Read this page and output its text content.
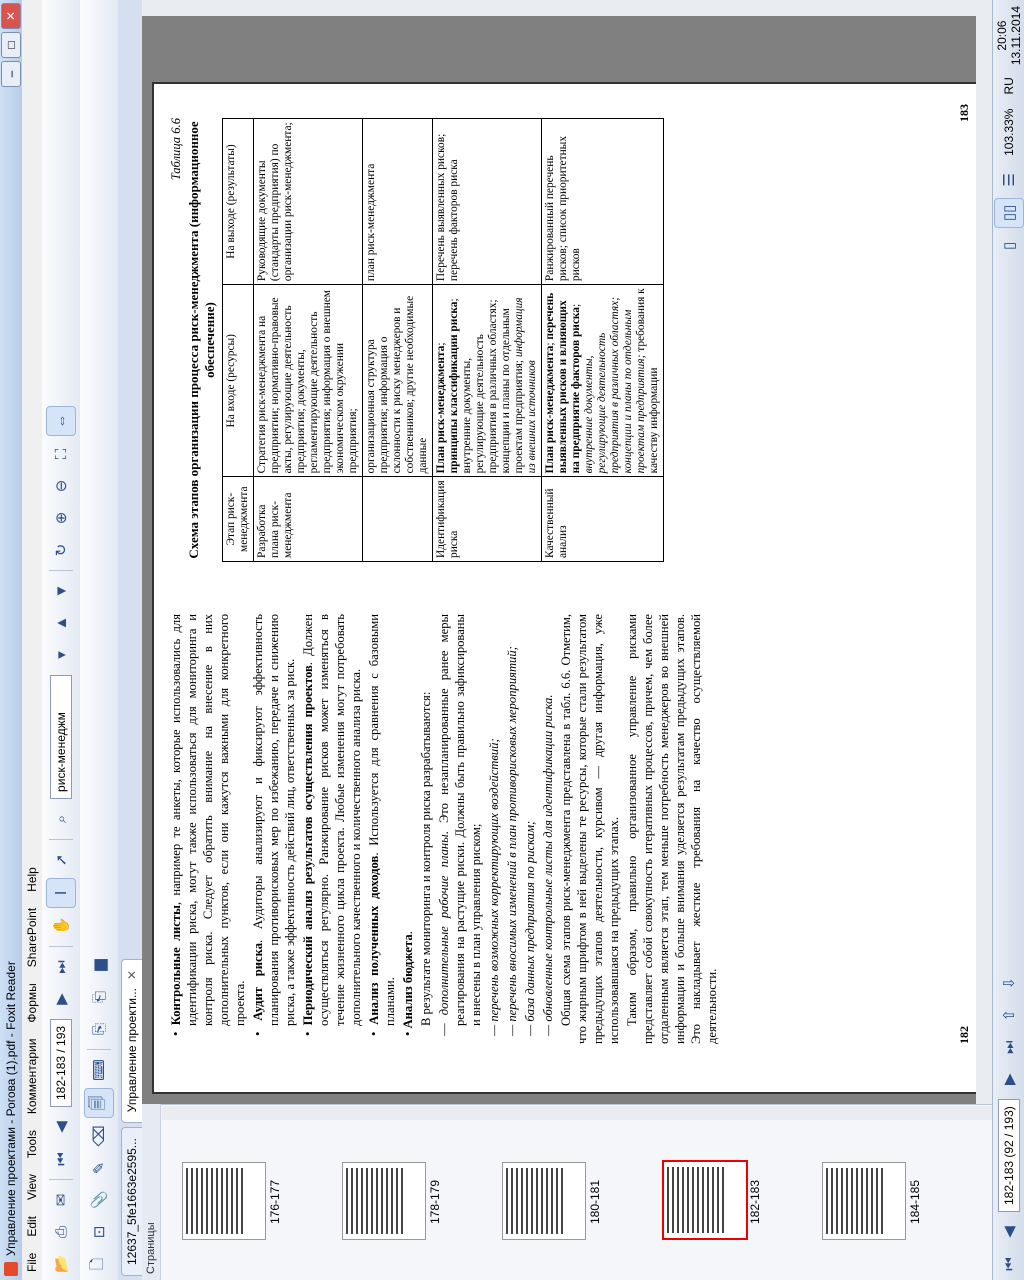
Управление проектами - Рогова (1).pdf - Foxit Reader
–
□
✕
File
Edit
View
Tools
Комментарии
Формы
SharePoint
Help
📂
⎙
✉
⏮
◀
182-183 / 193
▶
⏭
✋
Ⅰ
➚
⌕
риск-менеджм
▾
▲
▼
↻
⊕
⊖
⛶
⇔
🗋
⊡
📎
✎
⌫
🗐
⌨
⎘
⎗
▆
12637_5fe1663e2595...
Управление проекти...
✕
Страницы
176-177	178-179	180-181	182-183	184-185
• Контрольные листы, например те анкеты, которые использовались для идентификации риска, могут также использоваться для мониторинга и контроля риска. Следует обратить внимание на внесение в них дополнительных пунктов, если они кажутся важными для конкретного проекта.
• Аудит риска. Аудиторы анализируют и фиксируют эффективность планирования противорисковых мер по избежанию, передаче и снижению риска, а также эффективность действий лиц, ответственных за риск.
• Периодический анализ результатов осуществления проектов. Должен осуществляться регулярно. Ранжирование рисков может изменяться в течение жизненного цикла проекта. Любые изменения могут потребовать дополнительного качественного и количественного анализа риска.
• Анализ полученных доходов. Используется для сравнения с базовыми планами.
• Анализ бюджета. В результате мониторинга и контроля риска разрабатываются: — дополнительные рабочие планы. Это незапланированные ранее меры реагирования на растущие риски. Должны быть правильно зафиксированы и внесены в план управления риском;
— перечень возможных корректирующих воздействий;
— перечень вносимых изменений в план противорисковых мероприятий;
— база данных предприятия по рискам;
— обновленные контрольные листы для идентификации риска. Общая схема этапов риск-менеджмента представлена в табл. 6.6. Отметим, что жирным шрифтом в ней выделены те ресурсы, которые стали результатом предыдущих этапов деятельности, курсивом — другая информация, уже использовавшаяся на предыдущих этапах. Таким образом, правильно организованное управление рисками представляет собой совокупность итеративных процессов, причем, чем более отдаленным является этап, тем меньше потребность менеджеров во внешней информации и больше внимания уделяется результатам предыдущих этапов. Это накладывает жесткие требования на качество осуществляемой деятельности.	182
Таблица 6.6 Схема этапов организации процесса риск-менеджмента (информационное обеспечение)
Этап риск-менеджмента	На входе (ресурсы)	На выходе (результаты)
Разработка плана риск-менеджмента	Стратегия риск-менеджмента на предприятии; нормативно-правовые акты, регулирующие деятельность предприятия; документы, регламентирующие деятельность предприятия; информация о внешнем экономическом окружении предприятия;	Руководящие документы (стандарты предприятия) по организации риск-менеджмента;
	организационная структура предприятия; информация о склонности к риску менеджеров и собственников; другие необходимые данные	план риск-менеджмента
Идентификация риска	План риск-менеджмента; принципы классификации риска; внутренние документы, регулирующие деятельность предприятия в различных областях; концепции и планы по отдельным проектам предприятия; информация из внешних источников	Перечень выявленных рисков; перечень факторов риска
Качественный анализ	План риск-менеджмента; перечень выявленных рисков и влияющих на предприятие факторов риска; внутренние документы, регулирующие деятельность предприятия в различных областях; концепции и планы по отдельным проектам предприятия; требования к качеству информации	Ранжированный перечень рисков; список приоритетных рисков
183
⏮
◀
182-183 (92 / 193)
▶
⏭
⇧
⇩
▯
▯▯
☰
103.33%
RU
20:06
13.11.2014
